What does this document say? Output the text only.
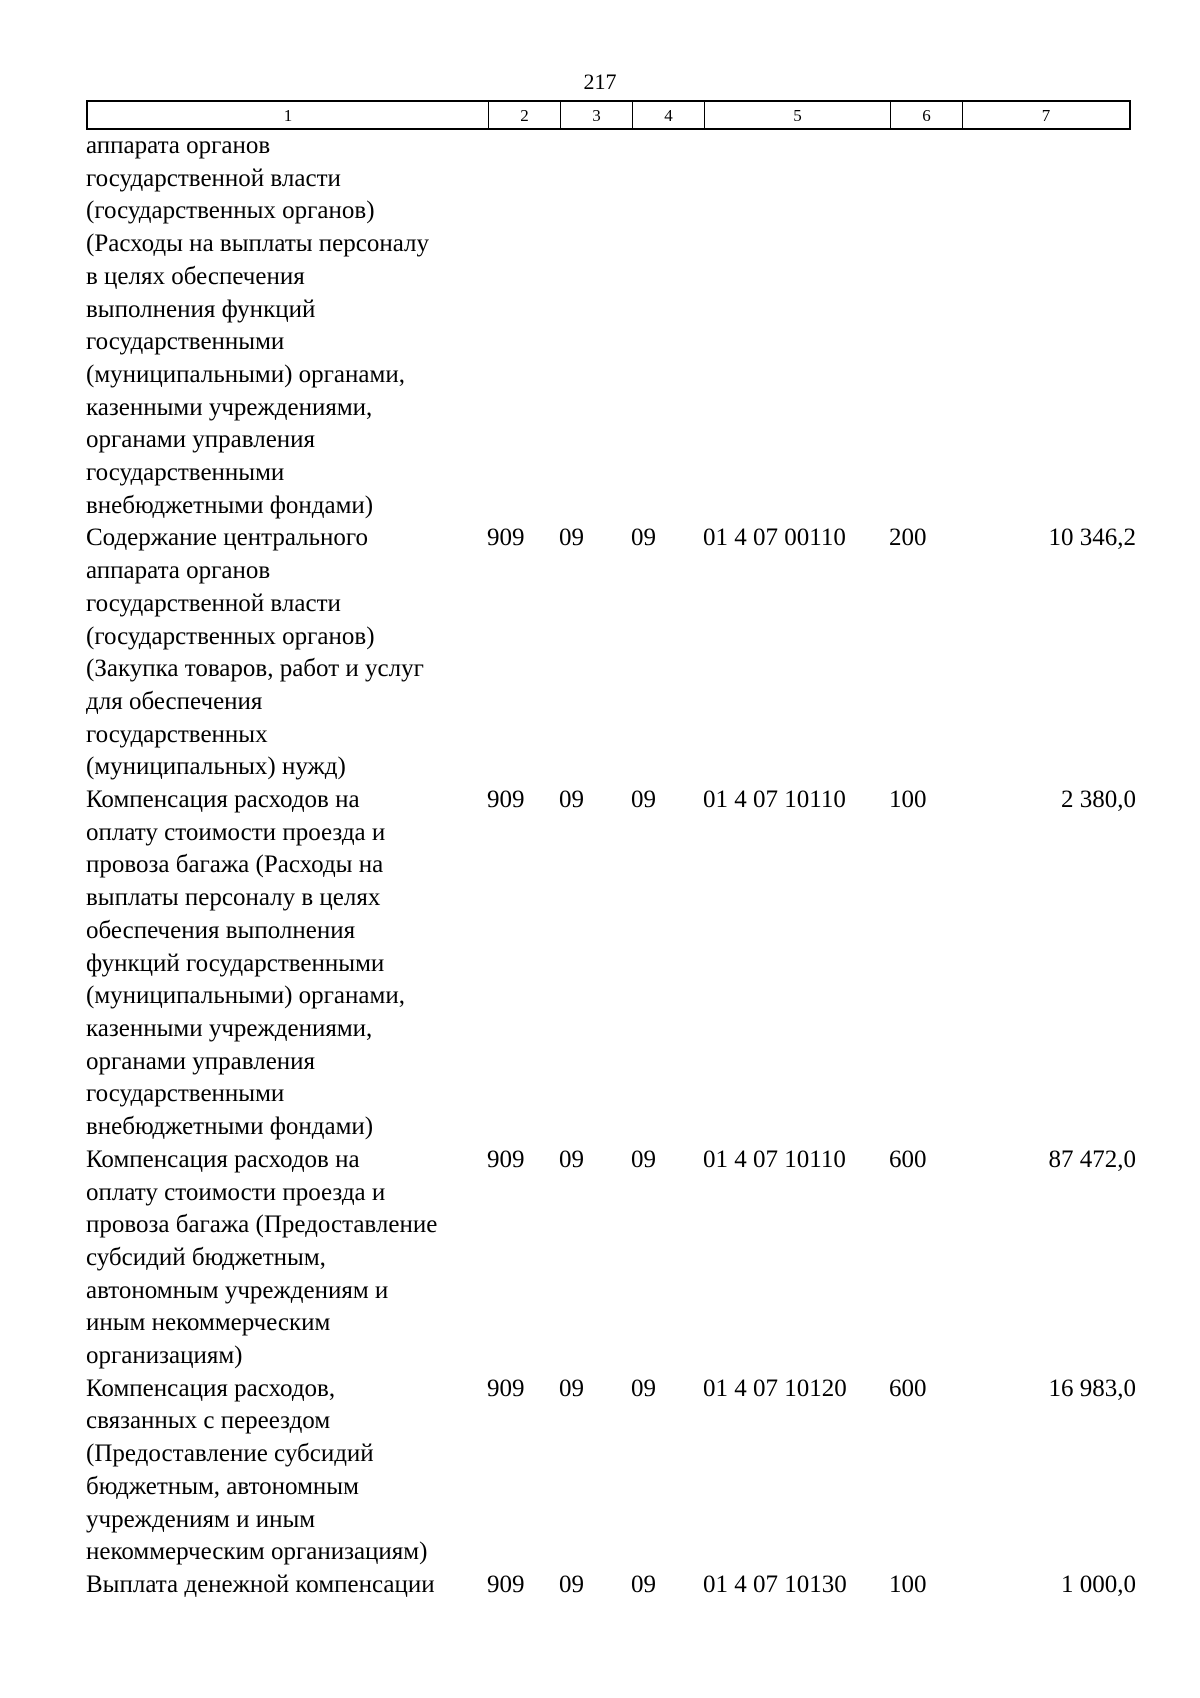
217
1	2	3	4	5	6	7
аппарата органов
государственной власти
(государственных органов)
(Расходы на выплаты персоналу
в целях обеспечения
выполнения функций
государственными
(муниципальными) органами,
казенными учреждениями,
органами управления
государственными
внебюджетными фондами)
Содержание центрального
аппарата органов
государственной власти
(государственных органов)
(Закупка товаров, работ и услуг
для обеспечения
государственных
(муниципальных) нужд)
909	09	09	01 4 07 00110	200	10 346,2
Компенсация расходов на
оплату стоимости проезда и
провоза багажа (Расходы на
выплаты персоналу в целях
обеспечения выполнения
функций государственными
(муниципальными) органами,
казенными учреждениями,
органами управления
государственными
внебюджетными фондами)
909	09	09	01 4 07 10110	100	2 380,0
Компенсация расходов на
оплату стоимости проезда и
провоза багажа (Предоставление
субсидий бюджетным,
автономным учреждениям и
иным некоммерческим
организациям)
909	09	09	01 4 07 10110	600	87 472,0
Компенсация расходов,
связанных с переездом
(Предоставление субсидий
бюджетным, автономным
учреждениям и иным
некоммерческим организациям)
909	09	09	01 4 07 10120	600	16 983,0
Выплата денежной компенсации	909	09	09	01 4 07 10130	100	1 000,0
